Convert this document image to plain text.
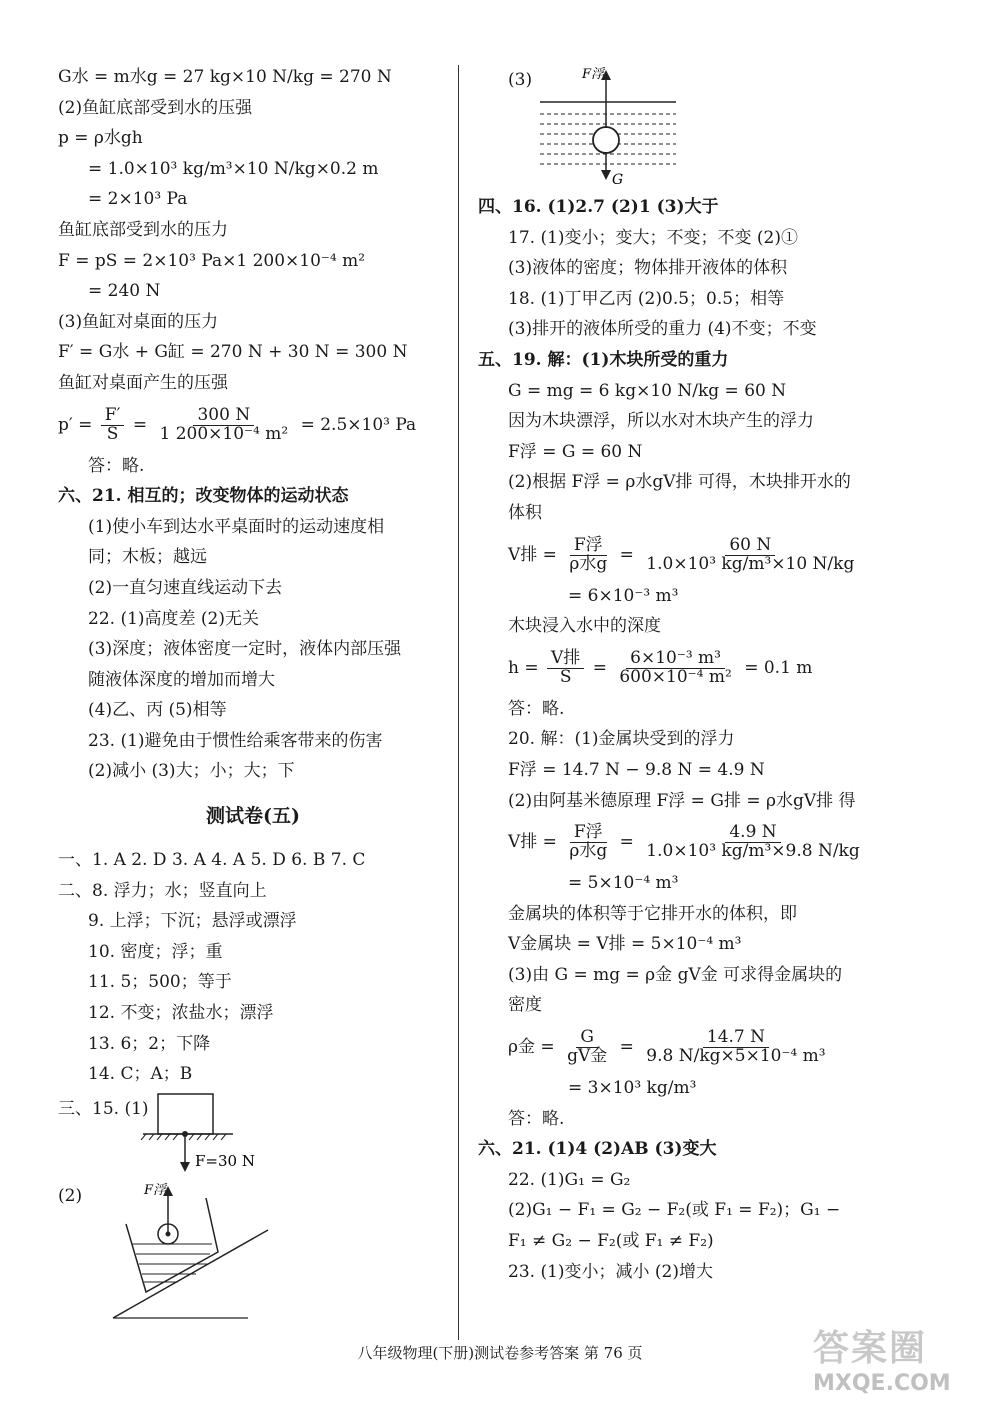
G水 = m水g = 27 kg×10 N/kg = 270 N
(2)鱼缸底部受到水的压强
p = ρ水gh
= 1.0×10³ kg/m³×10 N/kg×0.2 m
= 2×10³ Pa
鱼缸底部受到水的压力
F = pS = 2×10³ Pa×1 200×10⁻⁴ m²
= 240 N
(3)鱼缸对桌面的压力
F′ = G水 + G缸 = 270 N + 30 N = 300 N
鱼缸对桌面产生的压强
$p' = \frac{F'}{S} = \frac{300 N}{\text{1 200×10⁻⁴ m²}} = 2.5\times 10^3$ Pa
答：略.
六、21. 相互的；改变物体的运动状态
(1)使小车到达水平桌面时的运动速度相
同；木板；越远
(2)一直匀速直线运动下去
22. (1)高度差 (2)无关
(3)深度；液体密度一定时，液体内部压强
随液体深度的增加而增大
(4)乙、丙 (5)相等
23. (1)避免由于惯性给乘客带来的伤害
(2)减小 (3)大；小；大；下
测试卷(五)
一、1. A 2. D 3. A 4. A 5. D 6. B 7. C
二、8. 浮力；水；竖直向上
9. 上浮；下沉；悬浮或漂浮
10. 密度；浮；重
11. 5；500；等于
12. 不变；浓盐水；漂浮
13. 6；2；下降
14. C；A；B
三、15. (1)
F=30 N
(2)	F浮
(3)	F浮
G
四、16. (1)2.7 (2)1 (3)大于
17. (1)变小；变大；不变；不变 (2)①
(3)液体的密度；物体排开液体的体积
18. (1)丁甲乙丙 (2)0.5；0.5；相等
(3)排开的液体所受的重力 (4)不变；不变
五、19. 解：(1)木块所受的重力
G = mg = 6 kg×10 N/kg = 60 N
因为木块漂浮，所以水对木块产生的浮力
F浮 = G = 60 N
(2)根据 F浮 = ρ水gV排 可得，木块排开水的
体积
V排 = $\frac{\text{F浮}}{\text{ρ水g}} = \frac{60 N}{\text{1.0×10³ kg/m³×10 N/kg}}$
= 6×10⁻³ m³
木块浸入水中的深度
$h = \frac{\text{V排}}{S} = \frac{\text{6×10⁻³ m³}}{\text{600×10⁻⁴ m²}} = 0.1$ m
答：略.
20. 解：(1)金属块受到的浮力
F浮 = 14.7 N − 9.8 N = 4.9 N
(2)由阿基米德原理 F浮 = G排 = ρ水gV排 得
V排 = $\frac{\text{F浮}}{\text{ρ水g}} = \frac{4.9 N}{\text{1.0×10³ kg/m³×9.8 N/kg}}$
= 5×10⁻⁴ m³
金属块的体积等于它排开水的体积，即
V金属块 = V排 = 5×10⁻⁴ m³
(3)由 G = mg = ρ金 gV金 可求得金属块的
密度
ρ金 = $\frac{G}{\text{gV金}} = \frac{14.7 N}{\text{9.8 N/kg×5×10⁻⁴ m³}}$
= 3×10³ kg/m³
答：略.
六、21. (1)4 (2)AB (3)变大
22. (1)G₁ = G₂
(2)G₁ − F₁ = G₂ − F₂(或 F₁ = F₂)；G₁ −
F₁ ≠ G₂ − F₂(或 F₁ ≠ F₂)
23. (1)变小；减小 (2)增大
八年级物理(下册)测试卷参考答案 第 76 页	答案圈
MXQE.COM
